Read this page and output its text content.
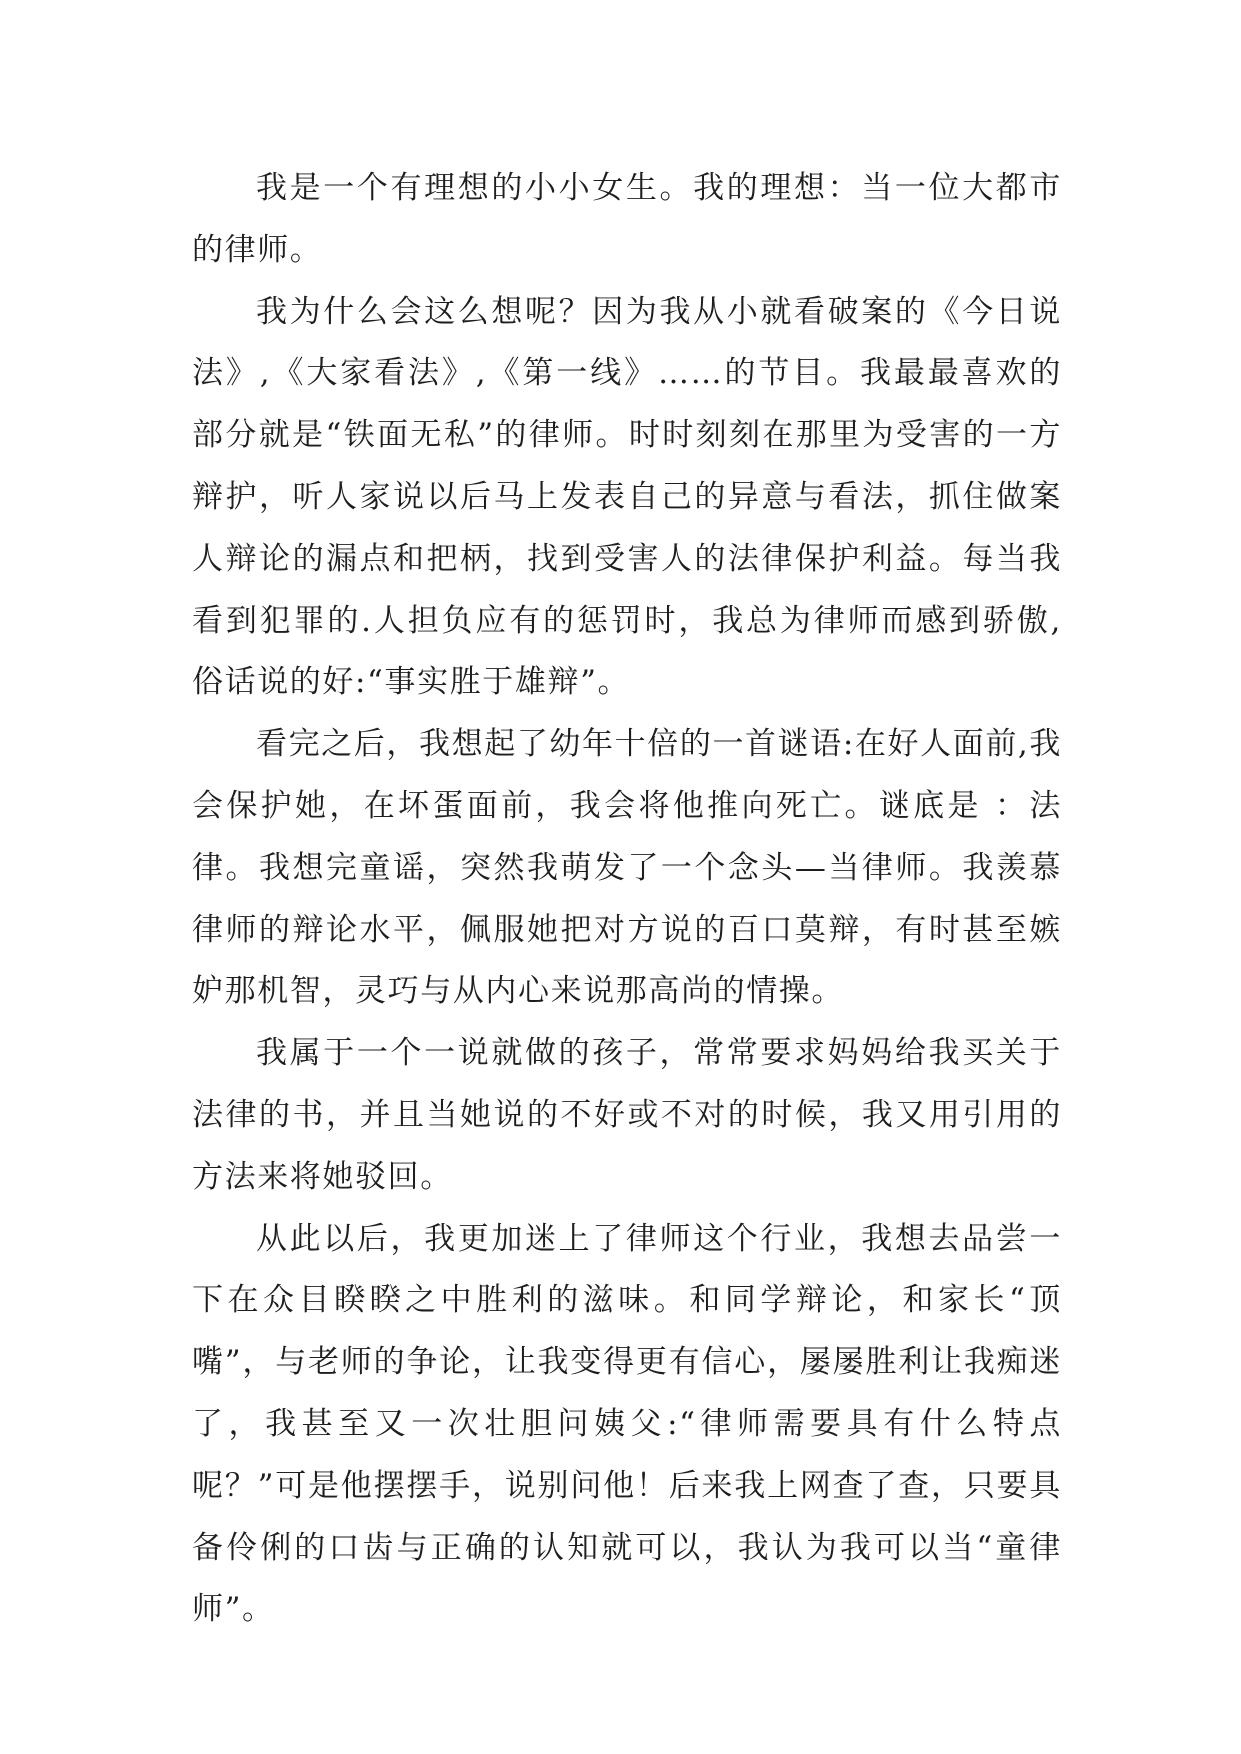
我是一个有理想的小小女生。我的理想：当一位大都市的律师。

我为什么会这么想呢？因为我从小就看破案的《今日说法》,《大家看法》,《第一线》……的节目。我最最喜欢的部分就是“铁面无私”的律师。时时刻刻在那里为受害的一方辩护，听人家说以后马上发表自己的异意与看法，抓住做案人辩论的漏点和把柄，找到受害人的法律保护利益。每当我看到犯罪的.人担负应有的惩罚时，我总为律师而感到骄傲,俗话说的好:“事实胜于雄辩”。

看完之后，我想起了幼年十倍的一首谜语:在好人面前,我会保护她，在坏蛋面前，我会将他推向死亡。谜底是 ：法律。我想完童谣，突然我萌发了一个念头—当律师。我羡慕律师的辩论水平，佩服她把对方说的百口莫辩，有时甚至嫉妒那机智，灵巧与从内心来说那高尚的情操。

我属于一个一说就做的孩子，常常要求妈妈给我买关于法律的书，并且当她说的不好或不对的时候，我又用引用的方法来将她驳回。

从此以后，我更加迷上了律师这个行业，我想去品尝一下在众目睽睽之中胜利的滋味。和同学辩论，和家长“顶嘴”，与老师的争论，让我变得更有信心，屡屡胜利让我痴迷了，我甚至又一次壮胆问姨父:“律师需要具有什么特点呢？”可是他摆摆手，说别问他！后来我上网查了查，只要具备伶俐的口齿与正确的认知就可以，我认为我可以当“童律师”。
